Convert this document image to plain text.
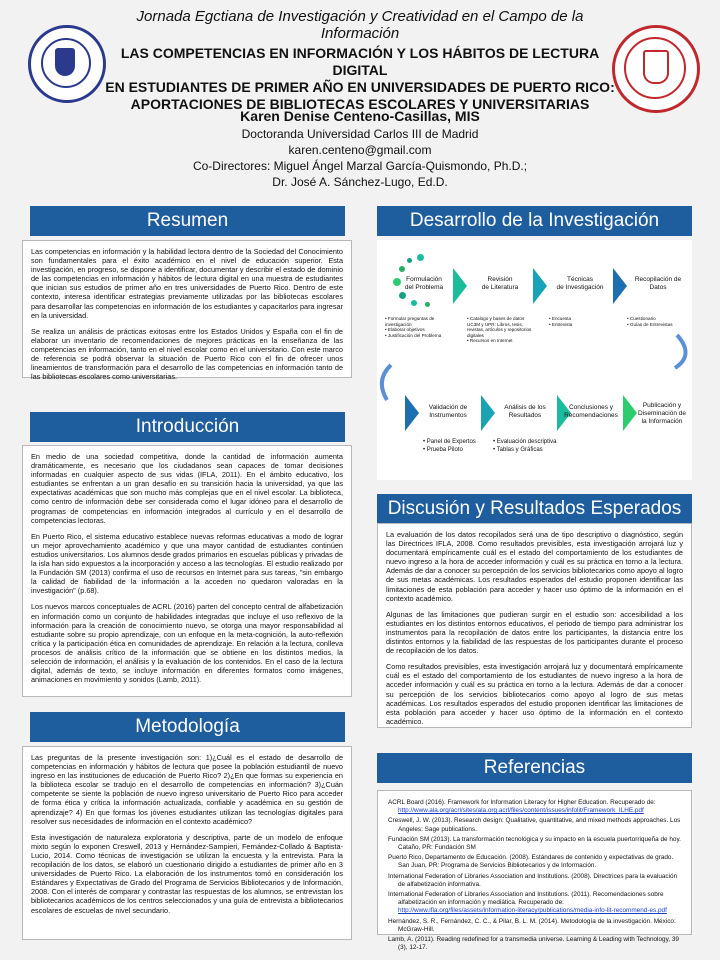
Jornada Egctiana de Investigación y Creatividad en el Campo de la Información
LAS COMPETENCIAS EN INFORMACIÓN Y LOS HÁBITOS DE LECTURA DIGITAL
EN ESTUDIANTES DE PRIMER AÑO EN UNIVERSIDADES DE PUERTO RICO:
APORTACIONES DE BIBLIOTECAS ESCOLARES Y UNIVERSITARIAS
Karen Denise Centeno-Casillas, MIS
Doctoranda Universidad Carlos III de Madrid
karen.centeno@gmail.com
Co-Directores: Miguel Ángel Marzal García-Quismondo, Ph.D.;
Dr. José A. Sánchez-Lugo, Ed.D.
Resumen

Las competencias en información y la habilidad lectora dentro de la Sociedad del Conocimiento son fundamentales para el éxito académico en el nivel de educación superior. Esta investigación, en progreso, se dispone a identificar, documentar y describir el estado de dominio de las competencias en información y hábitos de lectura digital en una muestra de estudiantes que inician sus estudios de primer año en tres universidades de Puerto Rico. Dentro de este contexto, interesa identificar estrategias previamente utilizadas por las bibliotecas escolares para desarrollar las competencias en información de los estudiantes y capacitarlos para ingresar en la universidad.

Se realiza un análisis de prácticas exitosas entre los Estados Unidos y España con el fin de elaborar un inventario de recomendaciones de mejores prácticas en la enseñanza de las competencias en información, tanto en el nivel escolar como en el universitario. Con este marco de referencia se podrá observar la situación de Puerto Rico con el fin de ofrecer unos lineamientos de transformación para el desarrollo de las competencias en información tanto de las bibliotecas escolares como universitarias.

Introducción

En medio de una sociedad competitiva, donde la cantidad de información aumenta dramáticamente, es necesario que los ciudadanos sean capaces de tomar decisiones informadas en cualquier aspecto de sus vidas (IFLA, 2011). En el ámbito educativo, los estudiantes se enfrentan a un gran desafío en su transición hacia la universidad, ya que las expectativas académicas que son mucho más complejas que en el nivel escolar. La biblioteca, como centro de información debe ser considerada como el lugar idóneo para el desarrollo de programas de competencias en información integrados al currículo y en el desarrollo de competencias lectoras.

En Puerto Rico, el sistema educativo establece nuevas reformas educativas a modo de lograr un mejor aprovechamiento académico y que una mayor cantidad de estudiantes continúen estudios universitarios. Los alumnos desde grados primarios en escuelas públicas y privadas de la isla han sido expuestos a la incorporación y acceso a las tecnologías. El estudio realizado por la Fundación SM (2013) confirma el uso de recursos en Internet para sus tareas, "sin embargo la calidad de fiabilidad de la información a la acceden no quedaron valoradas en la investigación" (p.68).

Los nuevos marcos conceptuales de ACRL (2016) parten del concepto central de alfabetización en información como un conjunto de habilidades integradas que incluye el uso reflexivo de la información para la creación de conocimiento nuevo, se otorga una mayor responsabilidad al estudiante sobre su propio aprendizaje, con un enfoque en la meta-cognición, la auto-reflexión crítica y la participación ética en comunidades de aprendizaje. En relación a la lectura, conlleva procesos de análisis crítico de la información que se obtiene en los distintos medios, la selección de información, el análisis y la evaluación de los contenidos. En el caso de la lectura digital, además de texto, se incluye información en diferentes formatos como imágenes, animaciones en movimiento y sonidos (Lamb, 2011).

Metodología

Las preguntas de la presente investigación son: 1)¿Cuál es el estado de desarrollo de competencias en información y hábitos de lectura que posee la población estudiantil de nuevo ingreso en las instituciones de educación de Puerto Rico? 2)¿En que formas su experiencia en la biblioteca escolar se tradujo en el desarrollo de competencias en información? 3)¿Cuán competente se siente la población de nuevo ingreso universitario de Puerto Rico para acceder de forma ética y crítica la información actualizada, confiable y académica en su gestión de aprendizaje? 4) En que formas los jóvenes estudiantes utilizan las tecnologías digitales para resolver sus necesidades de información en el contexto académico?

Esta investigación de naturaleza exploratoria y descriptiva, parte de un modelo de enfoque mixto según lo exponen Creswell, 2013 y Hernández-Sampieri, Fernández-Collado & Baptista-Lucio, 2014. Como técnicas de investigación se utilizan la encuesta y la entrevista. Para la recopilación de los datos, se elaboró un cuestionario dirigido a estudiantes de primer año en 3 universidades de Puerto Rico. La elaboración de los instrumentos tomó en consideración los Estándares y Expectativas de Grado del Programa de Servicios Bibliotecarios y de Información, 2008. Con el interés de comparar y contrastar las respuestas de los alumnos, se entrevistan los bibliotecarios académicos de los centros seleccionados y una guía de entrevista a bibliotecarios escolares de escuelas de nivel secundario.

Desarrollo de la Investigación
Formulación
del Problema
Revisión
de Literatura
Técnicas
de Investigación
Recopilación de
Datos
• Formular preguntas de investigación
• Elaborar objetivos
• Justificación del Problema
• Catalogo y bases de datos UC3M y UPR: Libros, tesis, revistas, artículos y repositorios digitales
• Recursos en Internet
• Encuesta
• Entrevista
• Cuestionario
• Guías de Entrevistas
Validación de
Instrumentos
Análisis de los
Resultados
Conclusiones y
Recomendaciones
Publicación y
Diseminación de
la Información
• Panel de Expertos
• Prueba Piloto
• Evaluación descriptiva
• Tablas y Gráficas
Discusión y Resultados Esperados

La evaluación de los datos recopilados será una de tipo descriptivo o diagnóstico, según las Directrices IFLA, 2008. Como resultados previsibles, esta investigación arrojará luz y documentará empíricamente cuál es el estado del comportamiento de los estudiantes de nuevo ingreso a la hora de acceder información y cuál es su práctica en torno a la lectura. Además de dar a conocer su percepción de los servicios bibliotecarios como apoyo al logro de sus metas académicas. Los resultados esperados del estudio proponen identificar las limitaciones de esta población para acceder y hacer uso óptimo de la información en el contexto académico.

Algunas de las limitaciones que pudieran surgir en el estudio son: accesibilidad a los estudiantes en los distintos entornos educativos, el periodo de tiempo para administrar los instrumentos para la recopilación de datos entre los participantes, la distancia entre los distintos entornos y la fiabilidad de las respuestas de los participantes durante el proceso de recopilación de los datos.

Como resultados previsibles, esta investigación arrojará luz y documentará empíricamente cuál es el estado del comportamiento de los estudiantes de nuevo ingreso a la hora de acceder información y cuál es su práctica en torno a la lectura. Además de dar a conocer su percepción de los servicios bibliotecarios como apoyo al logro de sus metas académicas. Los resultados esperados del estudio proponen identificar las limitaciones de esta población para acceder y hacer uso óptimo de la información en el contexto académico.

Referencias
ACRL Board (2016). Framework for Information Literacy for Higher Education. Recuperado de:
http://www.ala.org/acrl/sites/ala.org.acrl/files/content/issues/infolit/Framework_ILHE.pdf
Creswell, J. W. (2013). Research design: Qualitative, quantitative, and mixed methods approaches. Los Angeles: Sage publications.
Fundación SM (2013). La transformación tecnológica y su impacto en la escuela puertorriqueña de hoy. Cataño, PR: Fundación SM
Puerto Rico, Departamento de Educación. (2008). Estándares de contenido y expectativas de grado. San Juan, PR: Programa de Servicios Bibliotecarios y de Información.
International Federation of Libraries Association and Institutions. (2008). Directrices para la evaluación de alfabetización informativa.
International Federation of Libraries Association and Institutions. (2011). Recomendaciones sobre alfabetización en información y mediática. Recuperado de:
http://www.ifla.org/files/assets/information-literacy/publications/media-info-lit-recommend-es.pdf
Hernández, S. R., Fernández, C. C., & Pilar, B. L. M. (2014). Metodología de la investigación. México: McGraw-Hill.
Lamb, A. (2011). Reading redefined for a transmedia universe. Learning & Leading with Technology, 39 (3), 12-17.
